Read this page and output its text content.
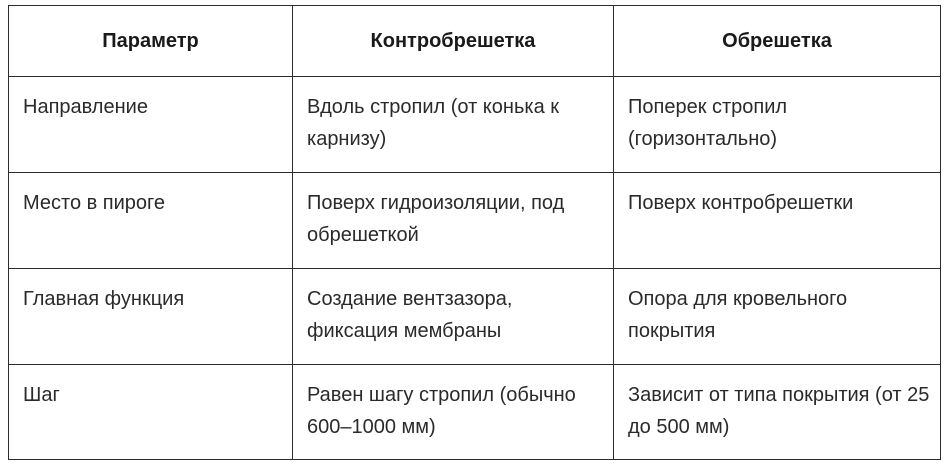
Параметр	Контробрешетка	Обрешетка
Направление	Вдоль стропил (от конька к карнизу)	Поперек стропил (горизонтально)
Место в пироге	Поверх гидроизоляции, под обрешеткой	Поверх контробрешетки
Главная функция	Создание вентзазора, фиксация мембраны	Опора для кровельного покрытия
Шаг	Равен шагу стропил (обычно 600–1000 мм)	Зависит от типа покрытия (от 25 до 500 мм)
